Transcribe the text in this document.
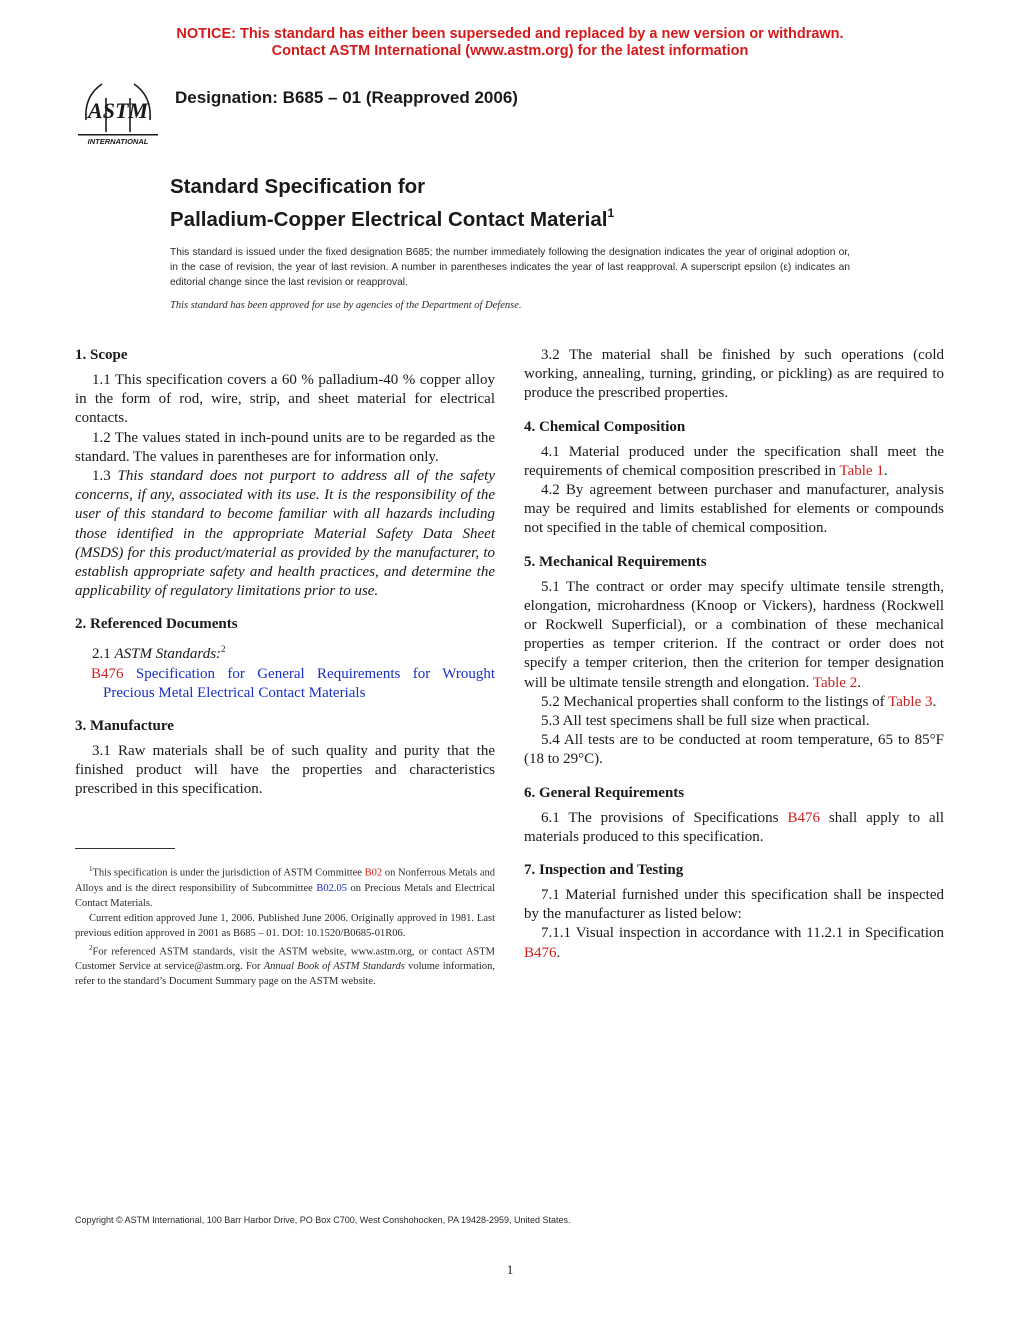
NOTICE: This standard has either been superseded and replaced by a new version or withdrawn.
Contact ASTM International (www.astm.org) for the latest information
ASTM
INTERNATIONAL
Designation: B685 – 01 (Reapproved 2006)
Standard Specification for
Palladium-Copper Electrical Contact Material$^1$
This standard is issued under the fixed designation B685; the number immediately following the designation indicates the year of original adoption or, in the case of revision, the year of last revision. A number in parentheses indicates the year of last reapproval. A superscript epsilon (ε) indicates an editorial change since the last revision or reapproval.
This standard has been approved for use by agencies of the Department of Defense.
1. Scope

1.1 This specification covers a 60 % palladium-40 % copper alloy in the form of rod, wire, strip, and sheet material for electrical contacts.

1.2 The values stated in inch-pound units are to be regarded as the standard. The values in parentheses are for information only.

1.3 This standard does not purport to address all of the safety concerns, if any, associated with its use. It is the responsibility of the user of this standard to become familiar with all hazards including those identified in the appropriate Material Safety Data Sheet (MSDS) for this product/material as provided by the manufacturer, to establish appropriate safety and health practices, and determine the applicability of regulatory limitations prior to use.

2. Referenced Documents

2.1 ASTM Standards:$^2$

B476 Specification for General Requirements for Wrought Precious Metal Electrical Contact Materials

3. Manufacture

3.1 Raw materials shall be of such quality and purity that the finished product will have the properties and characteristics prescribed in this specification.

3.2 The material shall be finished by such operations (cold working, annealing, turning, grinding, or pickling) as are required to produce the prescribed properties.

4. Chemical Composition

4.1 Material produced under the specification shall meet the requirements of chemical composition prescribed in Table 1.

4.2 By agreement between purchaser and manufacturer, analysis may be required and limits established for elements or compounds not specified in the table of chemical composition.

5. Mechanical Requirements

5.1 The contract or order may specify ultimate tensile strength, elongation, microhardness (Knoop or Vickers), hardness (Rockwell or Rockwell Superficial), or a combination of these mechanical properties as temper criterion. If the contract or order does not specify a temper criterion, then the criterion for temper designation will be ultimate tensile strength and elongation. Table 2.

5.2 Mechanical properties shall conform to the listings of Table 3.

5.3 All test specimens shall be full size when practical.

5.4 All tests are to be conducted at room temperature, 65 to 85°F (18 to 29°C).

6. General Requirements

6.1 The provisions of Specifications B476 shall apply to all materials produced to this specification.

7. Inspection and Testing

7.1 Material furnished under this specification shall be inspected by the manufacturer as listed below:

7.1.1 Visual inspection in accordance with 11.2.1 in Specification B476.

$^1$This specification is under the jurisdiction of ASTM Committee B02 on Nonferrous Metals and Alloys and is the direct responsibility of Subcommittee B02.05 on Precious Metals and Electrical Contact Materials.

Current edition approved June 1, 2006. Published June 2006. Originally approved in 1981. Last previous edition approved in 2001 as B685 – 01. DOI: 10.1520/B0685-01R06.

$^2$For referenced ASTM standards, visit the ASTM website, www.astm.org, or contact ASTM Customer Service at service@astm.org. For Annual Book of ASTM Standards volume information, refer to the standard’s Document Summary page on the ASTM website.

Copyright © ASTM International, 100 Barr Harbor Drive, PO Box C700, West Conshohocken, PA 19428-2959, United States.
1
